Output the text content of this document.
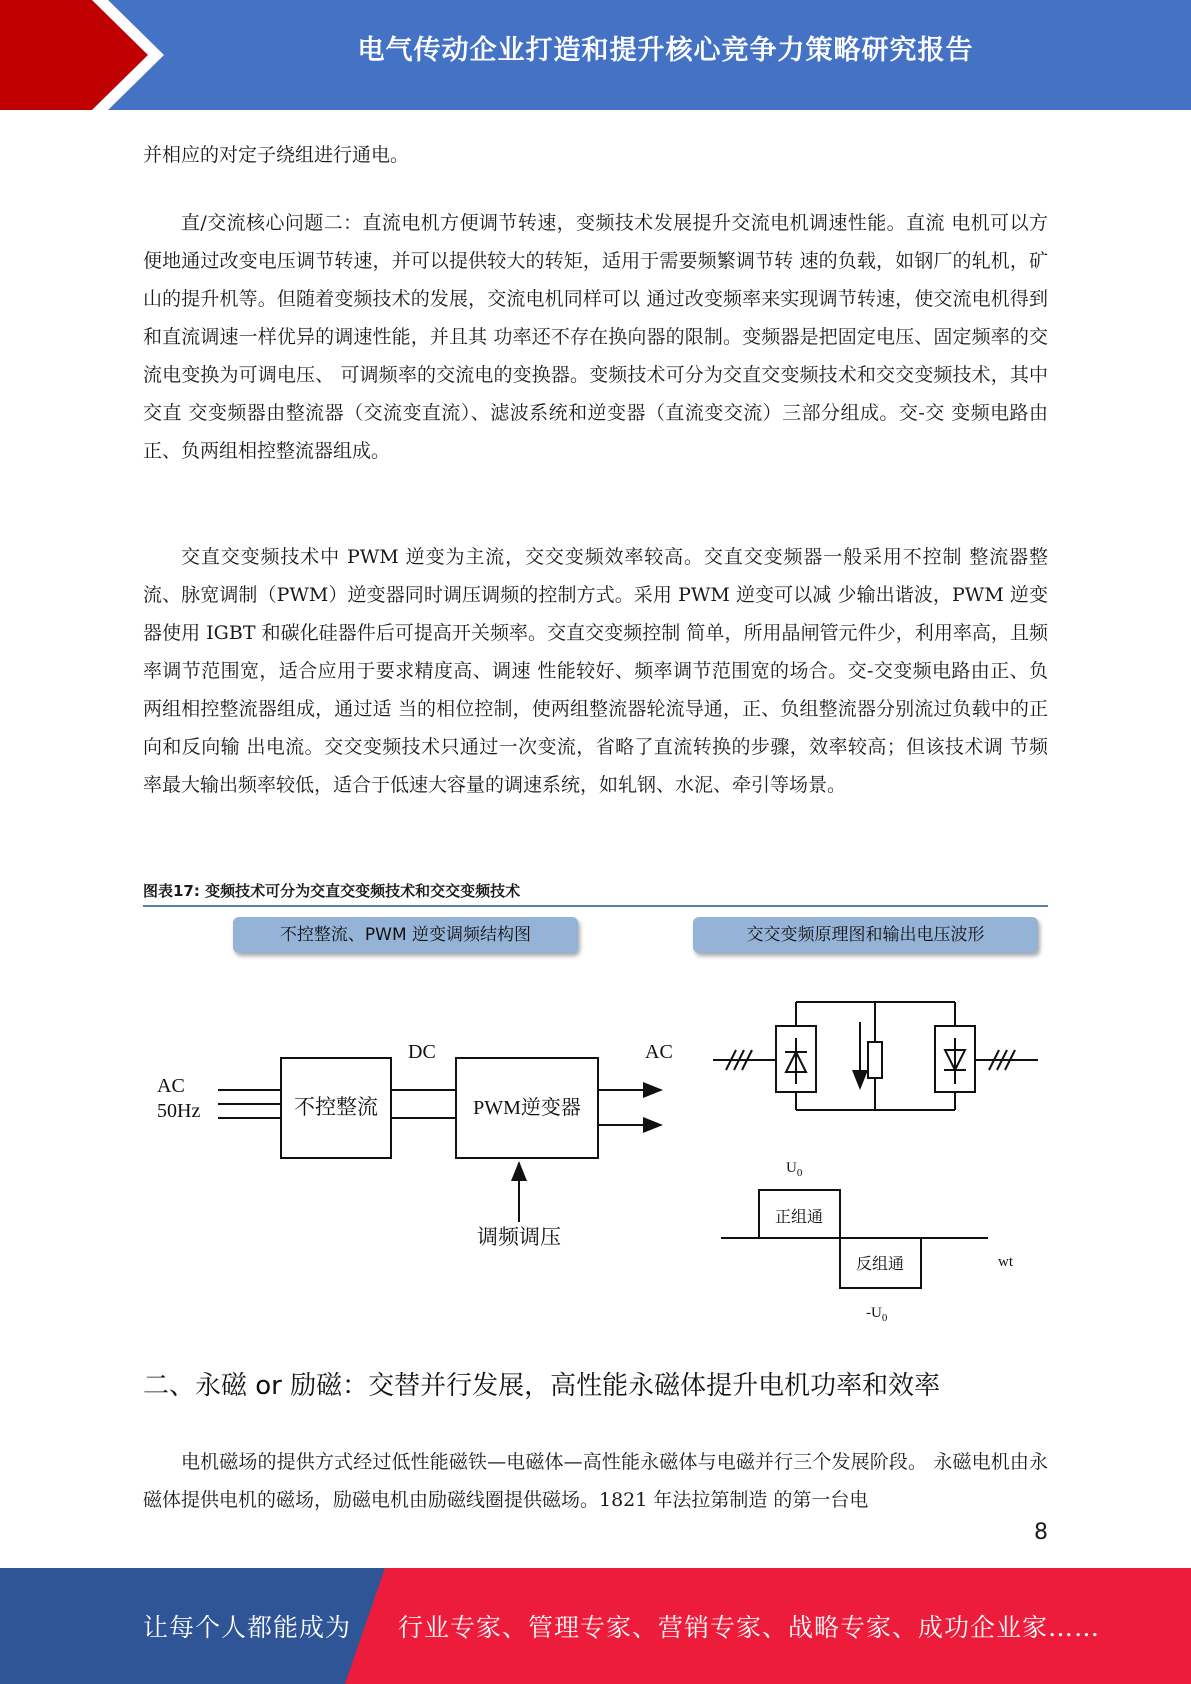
电气传动企业打造和提升核心竞争力策略研究报告

并相应的对定子绕组进行通电。

直/交流核心问题二：直流电机方便调节转速，变频技术发展提升交流电机调速性能。直流 电机可以方便地通过改变电压调节转速，并可以提供较大的转矩，适用于需要频繁调节转 速的负载，如钢厂的轧机，矿山的提升机等。但随着变频技术的发展，交流电机同样可以 通过改变频率来实现调节转速，使交流电机得到和直流调速一样优异的调速性能，并且其 功率还不存在换向器的限制。变频器是把固定电压、固定频率的交流电变换为可调电压、 可调频率的交流电的变换器。变频技术可分为交直交变频技术和交交变频技术，其中交直 交变频器由整流器（交流变直流）、滤波系统和逆变器（直流变交流）三部分组成。交-交 变频电路由正、负两组相控整流器组成。

交直交变频技术中 PWM 逆变为主流，交交变频效率较高。交直交变频器一般采用不控制 整流器整流、脉宽调制（PWM）逆变器同时调压调频的控制方式。采用 PWM 逆变可以减 少输出谐波，PWM 逆变器使用 IGBT 和碳化硅器件后可提高开关频率。交直交变频控制 简单，所用晶闸管元件少，利用率高，且频率调节范围宽，适合应用于要求精度高、调速 性能较好、频率调节范围宽的场合。交-交变频电路由正、负两组相控整流器组成，通过适 当的相位控制，使两组整流器轮流导通，正、负组整流器分别流过负载中的正向和反向输 出电流。交交变频技术只通过一次变流，省略了直流转换的步骤，效率较高；但该技术调 节频率最大输出频率较低，适合于低速大容量的调速系统，如轧钢、水泥、牵引等场景。

图表17: 变频技术可分为交直交变频技术和交交变频技术
不控整流、PWM 逆变调频结构图	交交变频原理图和输出电压波形
AC
50Hz	不控整流
DC
PWM逆变器
AC
调频调压
$U_0$
正组通
反组通	wt
$-U_0$
二、永磁 or 励磁：交替并行发展，高性能永磁体提升电机功率和效率

电机磁场的提供方式经过低性能磁铁—电磁体—高性能永磁体与电磁并行三个发展阶段。 永磁电机由永磁体提供电机的磁场，励磁电机由励磁线圈提供磁场。1821 年法拉第制造 的第一台电

8
让每个人都能成为 行业专家、管理专家、营销专家、战略专家、成功企业家……
